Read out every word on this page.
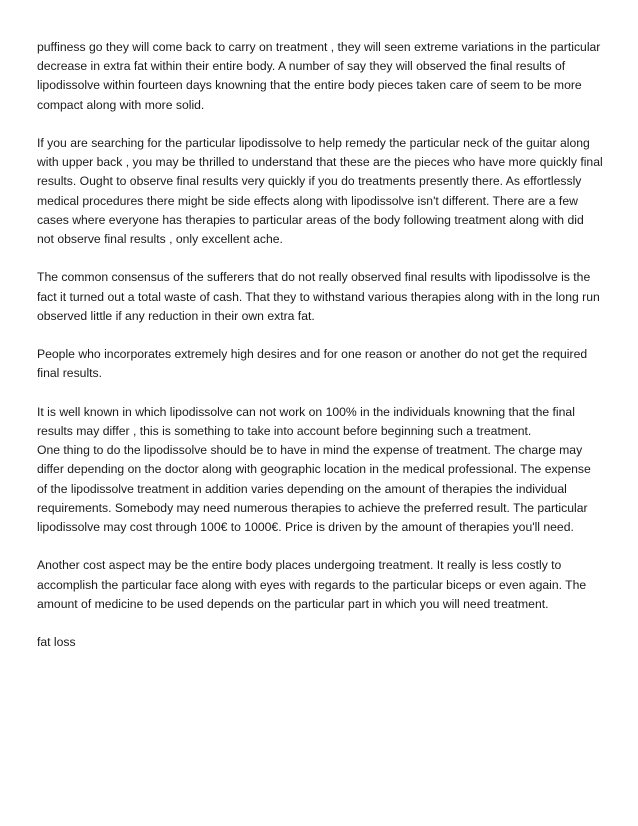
puffiness go they will come back to carry on treatment , they will seen extreme variations in the particular decrease in extra fat within their entire body. A number of say they will observed the final results of lipodissolve within fourteen days knowning that the entire body pieces taken care of seem to be more compact along with more solid.

If you are searching for the particular lipodissolve to help remedy the particular neck of the guitar along with upper back , you may be thrilled to understand that these are the pieces who have more quickly final results. Ought to observe final results very quickly if you do treatments presently there. As effortlessly medical procedures there might be side effects along with lipodissolve isn't different. There are a few cases where everyone has therapies to particular areas of the body following treatment along with did not observe final results , only excellent ache.

The common consensus of the sufferers that do not really observed final results with lipodissolve is the fact it turned out a total waste of cash. That they to withstand various therapies along with in the long run observed little if any reduction in their own extra fat.

People who incorporates extremely high desires and for one reason or another do not get the required final results.

It is well known in which lipodissolve can not work on 100% in the individuals knowning that the final results may differ , this is something to take into account before beginning such a treatment.

One thing to do the lipodissolve should be to have in mind the expense of treatment. The charge may differ depending on the doctor along with geographic location in the medical professional. The expense of the lipodissolve treatment in addition varies depending on the amount of therapies the individual requirements. Somebody may need numerous therapies to achieve the preferred result. The particular lipodissolve may cost through 100€ to 1000€. Price is driven by the amount of therapies you'll need.

Another cost aspect may be the entire body places undergoing treatment. It really is less costly to accomplish the particular face along with eyes with regards to the particular biceps or even again. The amount of medicine to be used depends on the particular part in which you will need treatment.

fat loss
